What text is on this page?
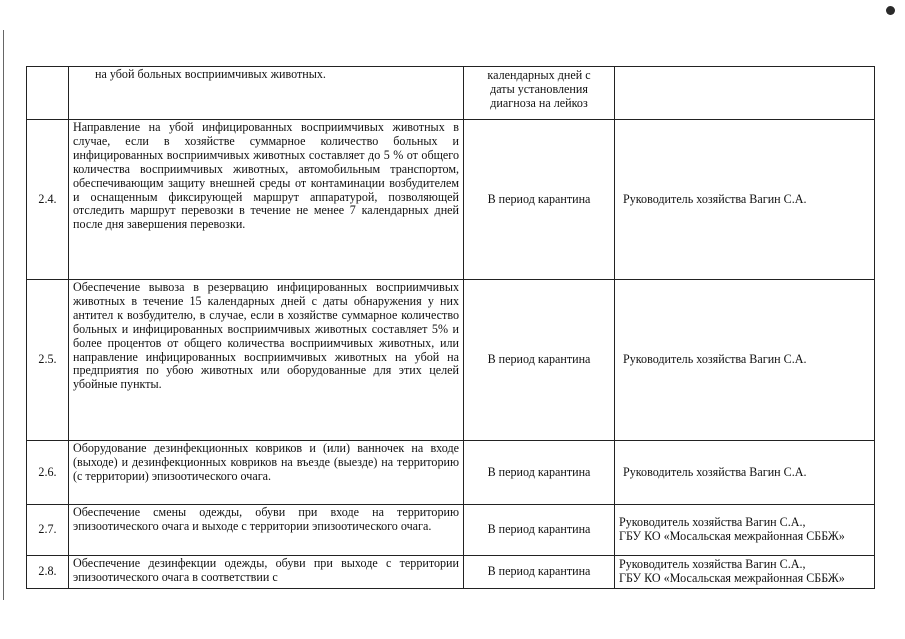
	на убой больных восприимчивых животных.	календарных дней с
даты установления
диагноза на лейкоз	

2.4.	Направление на убой инфицированных восприимчивых животных в случае, если в хозяйстве суммарное количество больных и инфицированных восприимчивых животных составляет до 5 % от общего количества восприимчивых животных, автомобильным транспортом, обеспечивающим защиту внешней среды от контаминации возбудителем и оснащенным фиксирующей маршрут аппаратурой, позволяющей отследить маршрут перевозки в течение не менее 7 календарных дней после дня завершения перевозки.	В период карантина	Руководитель хозяйства Вагин С.А.

2.5.	Обеспечение вывоза в резервацию инфицированных восприимчивых животных в течение 15 календарных дней с даты обнаружения у них антител к возбудителю, в случае, если в хозяйстве суммарное количество больных и инфицированных восприимчивых животных составляет 5% и более процентов от общего количества восприимчивых животных, или направление инфицированных восприимчивых животных на убой на предприятия по убою животных или оборудованные для этих целей убойные пункты.	В период карантина	Руководитель хозяйства Вагин С.А.

2.6.	Оборудование дезинфекционных ковриков и (или) ванночек на входе (выходе) и дезинфекционных ковриков на въезде (выезде) на территорию (с территории) эпизоотического очага.	В период карантина	Руководитель хозяйства Вагин С.А.

2.7.	Обеспечение смены одежды, обуви при входе на территорию эпизоотического очага и выходе с территории эпизоотического очага.	В период карантина	Руководитель хозяйства Вагин С.А.,
ГБУ КО «Мосальская межрайонная СББЖ»

2.8.	Обеспечение дезинфекции одежды, обуви при выходе с территории эпизоотического очага в соответствии с	В период карантина	Руководитель хозяйства Вагин С.А.,
ГБУ КО «Мосальская межрайонная СББЖ»
